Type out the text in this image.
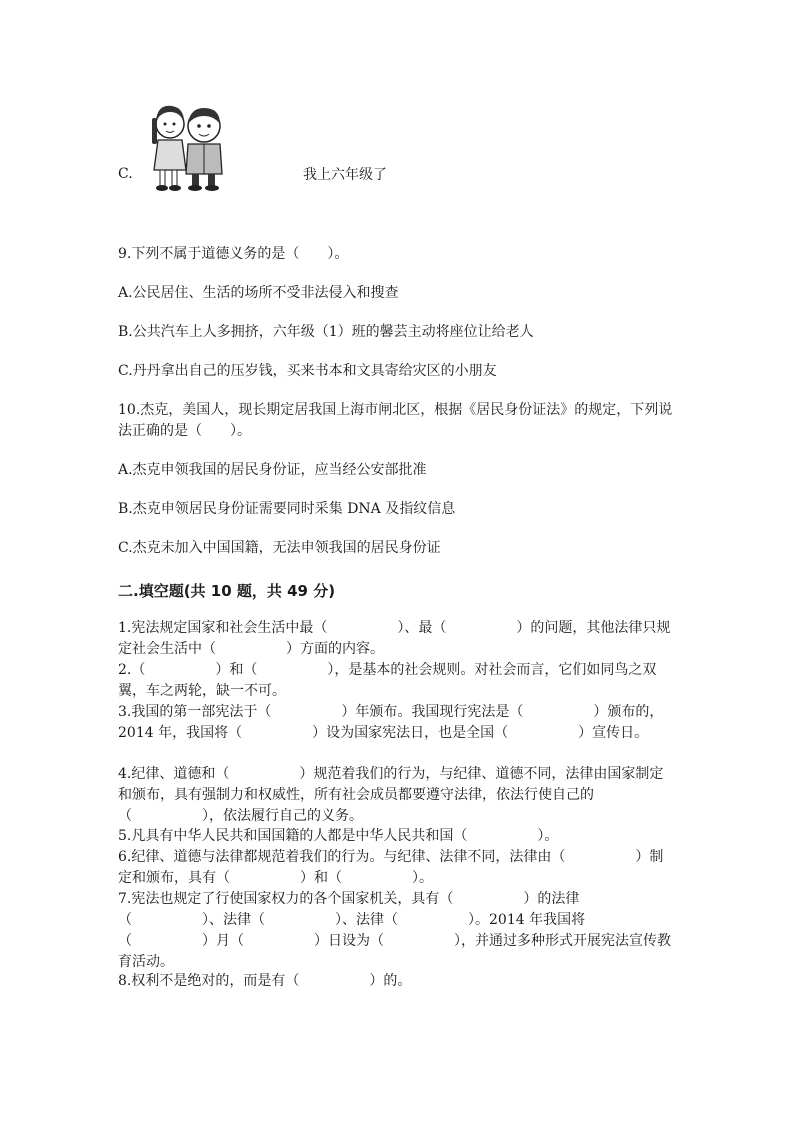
C.	我上六年级了

9.下列不属于道德义务的是（　　）。

A.公民居住、生活的场所不受非法侵入和搜查

B.公共汽车上人多拥挤，六年级（1）班的馨芸主动将座位让给老人

C.丹丹拿出自己的压岁钱，买来书本和文具寄给灾区的小朋友

10.杰克，美国人，现长期定居我国上海市闸北区，根据《居民身份证法》的规定，下列说法正确的是（　　）。

A.杰克申领我国的居民身份证，应当经公安部批准

B.杰克申领居民身份证需要同时采集 DNA 及指纹信息

C.杰克未加入中国国籍，无法申领我国的居民身份证

二.填空题(共 10 题，共 49 分)

1.宪法规定国家和社会生活中最（　　　　　）、最（　　　　　）的问题，其他法律只规定社会生活中（　　　　　）方面的内容。

2.（　　　　　）和（　　　　　），是基本的社会规则。对社会而言，它们如同鸟之双翼，车之两轮，缺一不可。

3.我国的第一部宪法于（　　　　　）年颁布。我国现行宪法是（　　　　　）颁布的，2014 年，我国将（　　　　　）设为国家宪法日，也是全国（　　　　　）宣传日。

4.纪律、道德和（　　　　　）规范着我们的行为，与纪律、道德不同，法律由国家制定和颁布，具有强制力和权威性，所有社会成员都要遵守法律，依法行使自己的（　　　　　），依法履行自己的义务。

5.凡具有中华人民共和国国籍的人都是中华人民共和国（　　　　　）。

6.纪律、道德与法律都规范着我们的行为。与纪律、法律不同，法律由（　　　　　）制定和颁布，具有（　　　　　）和（　　　　　）。

7.宪法也规定了行使国家权力的各个国家机关，具有（　　　　　）的法律（　　　　　）、法律（　　　　　）、法律（　　　　　）。2014 年我国将（　　　　　）月（　　　　　）日设为（　　　　　），并通过多种形式开展宪法宣传教育活动。

8.权利不是绝对的，而是有（　　　　　）的。
